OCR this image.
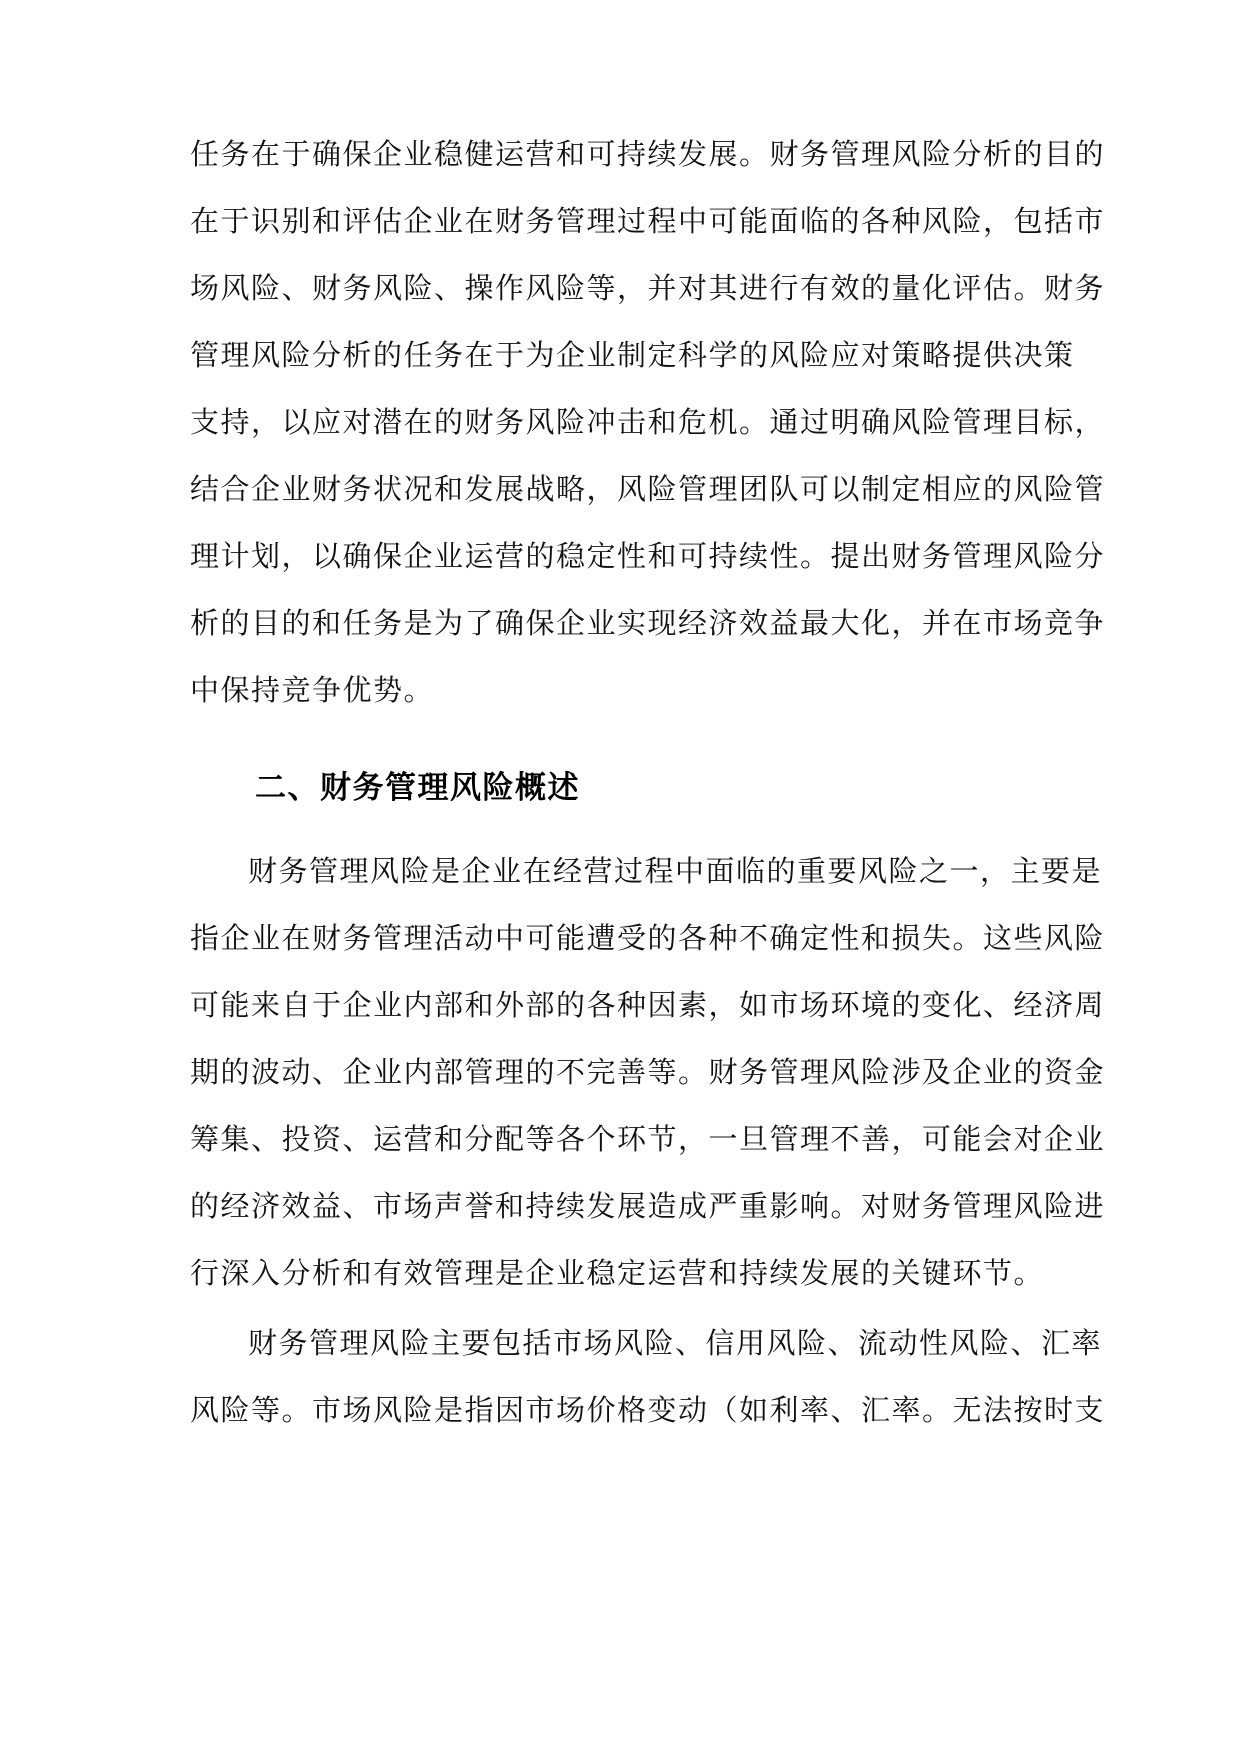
任务在于确保企业稳健运营和可持续发展。财务管理风险分析的目的
在于识别和评估企业在财务管理过程中可能面临的各种风险，包括市
场风险、财务风险、操作风险等，并对其进行有效的量化评估。财务
管理风险分析的任务在于为企业制定科学的风险应对策略提供决策
支持，以应对潜在的财务风险冲击和危机。通过明确风险管理目标，
结合企业财务状况和发展战略，风险管理团队可以制定相应的风险管
理计划，以确保企业运营的稳定性和可持续性。提出财务管理风险分
析的目的和任务是为了确保企业实现经济效益最大化，并在市场竞争
中保持竞争优势。
二、财务管理风险概述
财务管理风险是企业在经营过程中面临的重要风险之一，主要是
指企业在财务管理活动中可能遭受的各种不确定性和损失。这些风险
可能来自于企业内部和外部的各种因素，如市场环境的变化、经济周
期的波动、企业内部管理的不完善等。财务管理风险涉及企业的资金
筹集、投资、运营和分配等各个环节，一旦管理不善，可能会对企业
的经济效益、市场声誉和持续发展造成严重影响。对财务管理风险进
行深入分析和有效管理是企业稳定运营和持续发展的关键环节。
财务管理风险主要包括市场风险、信用风险、流动性风险、汇率
风险等。市场风险是指因市场价格变动（如利率、汇率。无法按时支
